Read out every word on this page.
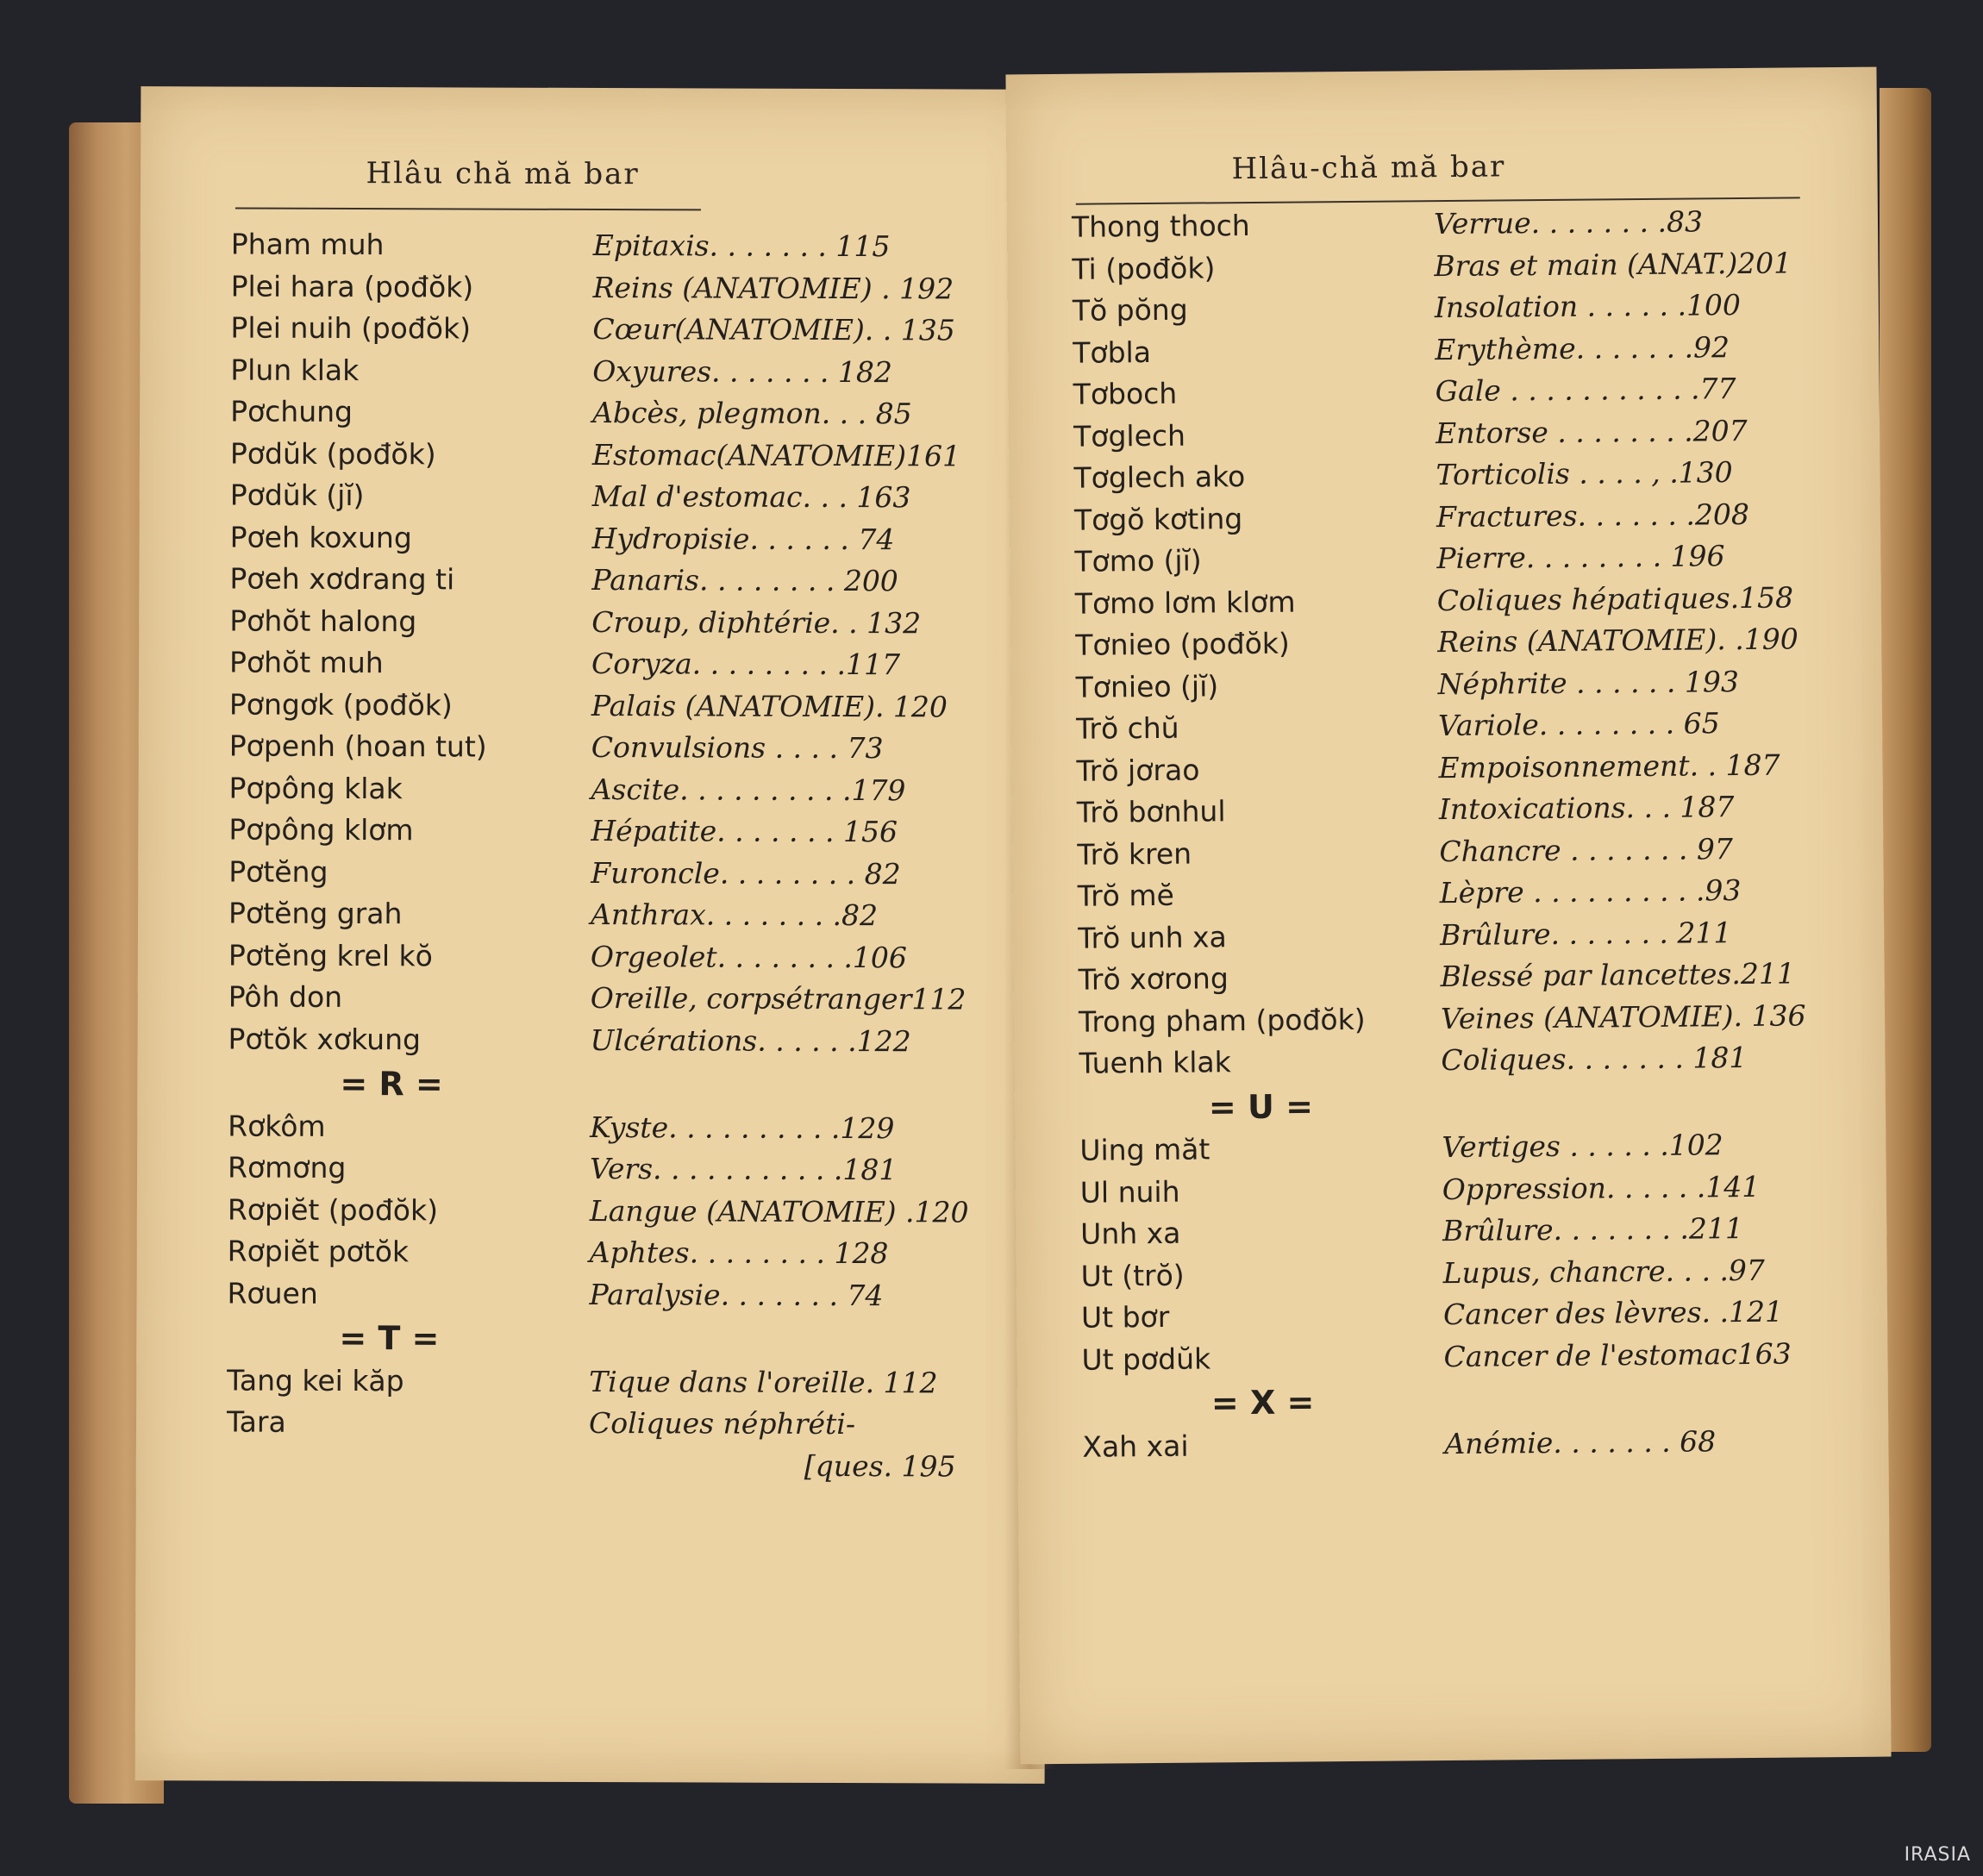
Hlâu chă mă bar
Pham muh	Epitaxis. . . . . . . 115
Plei hara (pođŏk)	Reins (ANATOMIE) . 192
Plei nuih (pođŏk)	Cœur(ANATOMIE). . 135
Plun klak	Oxyures. . . . . . . 182
Pơchung	Abcès, plegmon. . . 85
Pơdŭk (pođŏk)	Estomac(ANATOMIE)161
Pơdŭk (jĭ)	Mal d'estomac. . . 163
Pơeh koxung	Hydropisie. . . . . . 74
Pơeh xơdrang ti	Panaris. . . . . . . . 200
Pơhŏt halong	Croup, diphtérie. . 132
Pơhŏt muh	Coryza. . . . . . . . .117
Pơngơk (pođŏk)	Palais (ANATOMIE). 120
Pơpenh (hoan tut)	Convulsions . . . . 73
Pơpông klak	Ascite. . . . . . . . . .179
Pơpông klơm	Hépatite. . . . . . . 156
Pơtĕng	Furoncle. . . . . . . . 82
Pơtĕng grah	Anthrax. . . . . . . .82
Pơtĕng krel kŏ	Orgeolet. . . . . . . .106
Pôh don	Oreille, corpsétranger112
Pơtŏk xơkung	Ulcérations. . . . . .122
= R =
Rơkôm	Kyste. . . . . . . . . .129
Rơmơng	Vers. . . . . . . . . . .181
Rơpiĕt (pođŏk)	Langue (ANATOMIE) .120
Rơpiĕt pơtŏk	Aphtes. . . . . . . . 128
Rơuen	Paralysie. . . . . . . 74
= T =
Tang kei kăp	Tique dans l'oreille. 112
Tara	Coliques néphréti-
[ques. 195
Hlâu-chă mă bar
Thong thoch	Verrue. . . . . . . .83
Ti (pođŏk)	Bras et main (ANAT.)201
Tŏ pŏng	Insolation . . . . . .100
Tơbla	Erythème. . . . . . .92
Tơboch	Gale . . . . . . . . . . .77
Tơglech	Entorse . . . . . . . .207
Tơglech ako	Torticolis . . . . , .130
Tơgŏ kơting	Fractures. . . . . . .208
Tơmo (jĭ)	Pierre. . . . . . . . 196
Tơmo lơm klơm	Coliques hépatiques.158
Tơnieo (pođŏk)	Reins (ANATOMIE). .190
Tơnieo (jĭ)	Néphrite . . . . . . 193
Trŏ chŭ	Variole. . . . . . . . 65
Trŏ jơrao	Empoisonnement. . 187
Trŏ bơnhul	Intoxications. . . 187
Trŏ kren	Chancre . . . . . . . 97
Trŏ mĕ	Lèpre . . . . . . . . . .93
Trŏ unh xa	Brûlure. . . . . . . 211
Trŏ xơrong	Blessé par lancettes.211
Trong pham (pođŏk)	Veines (ANATOMIE). 136
Tuenh klak	Coliques. . . . . . . 181
= U =
Uing măt	Vertiges . . . . . .102
Ul nuih	Oppression. . . . . .141
Unh xa	Brûlure. . . . . . . .211
Ut (trŏ)	Lupus, chancre. . . .97
Ut bơr	Cancer des lèvres. .121
Ut pơdŭk	Cancer de l'estomac163
= X =
Xah xai	Anémie. . . . . . . 68
IRASIA
